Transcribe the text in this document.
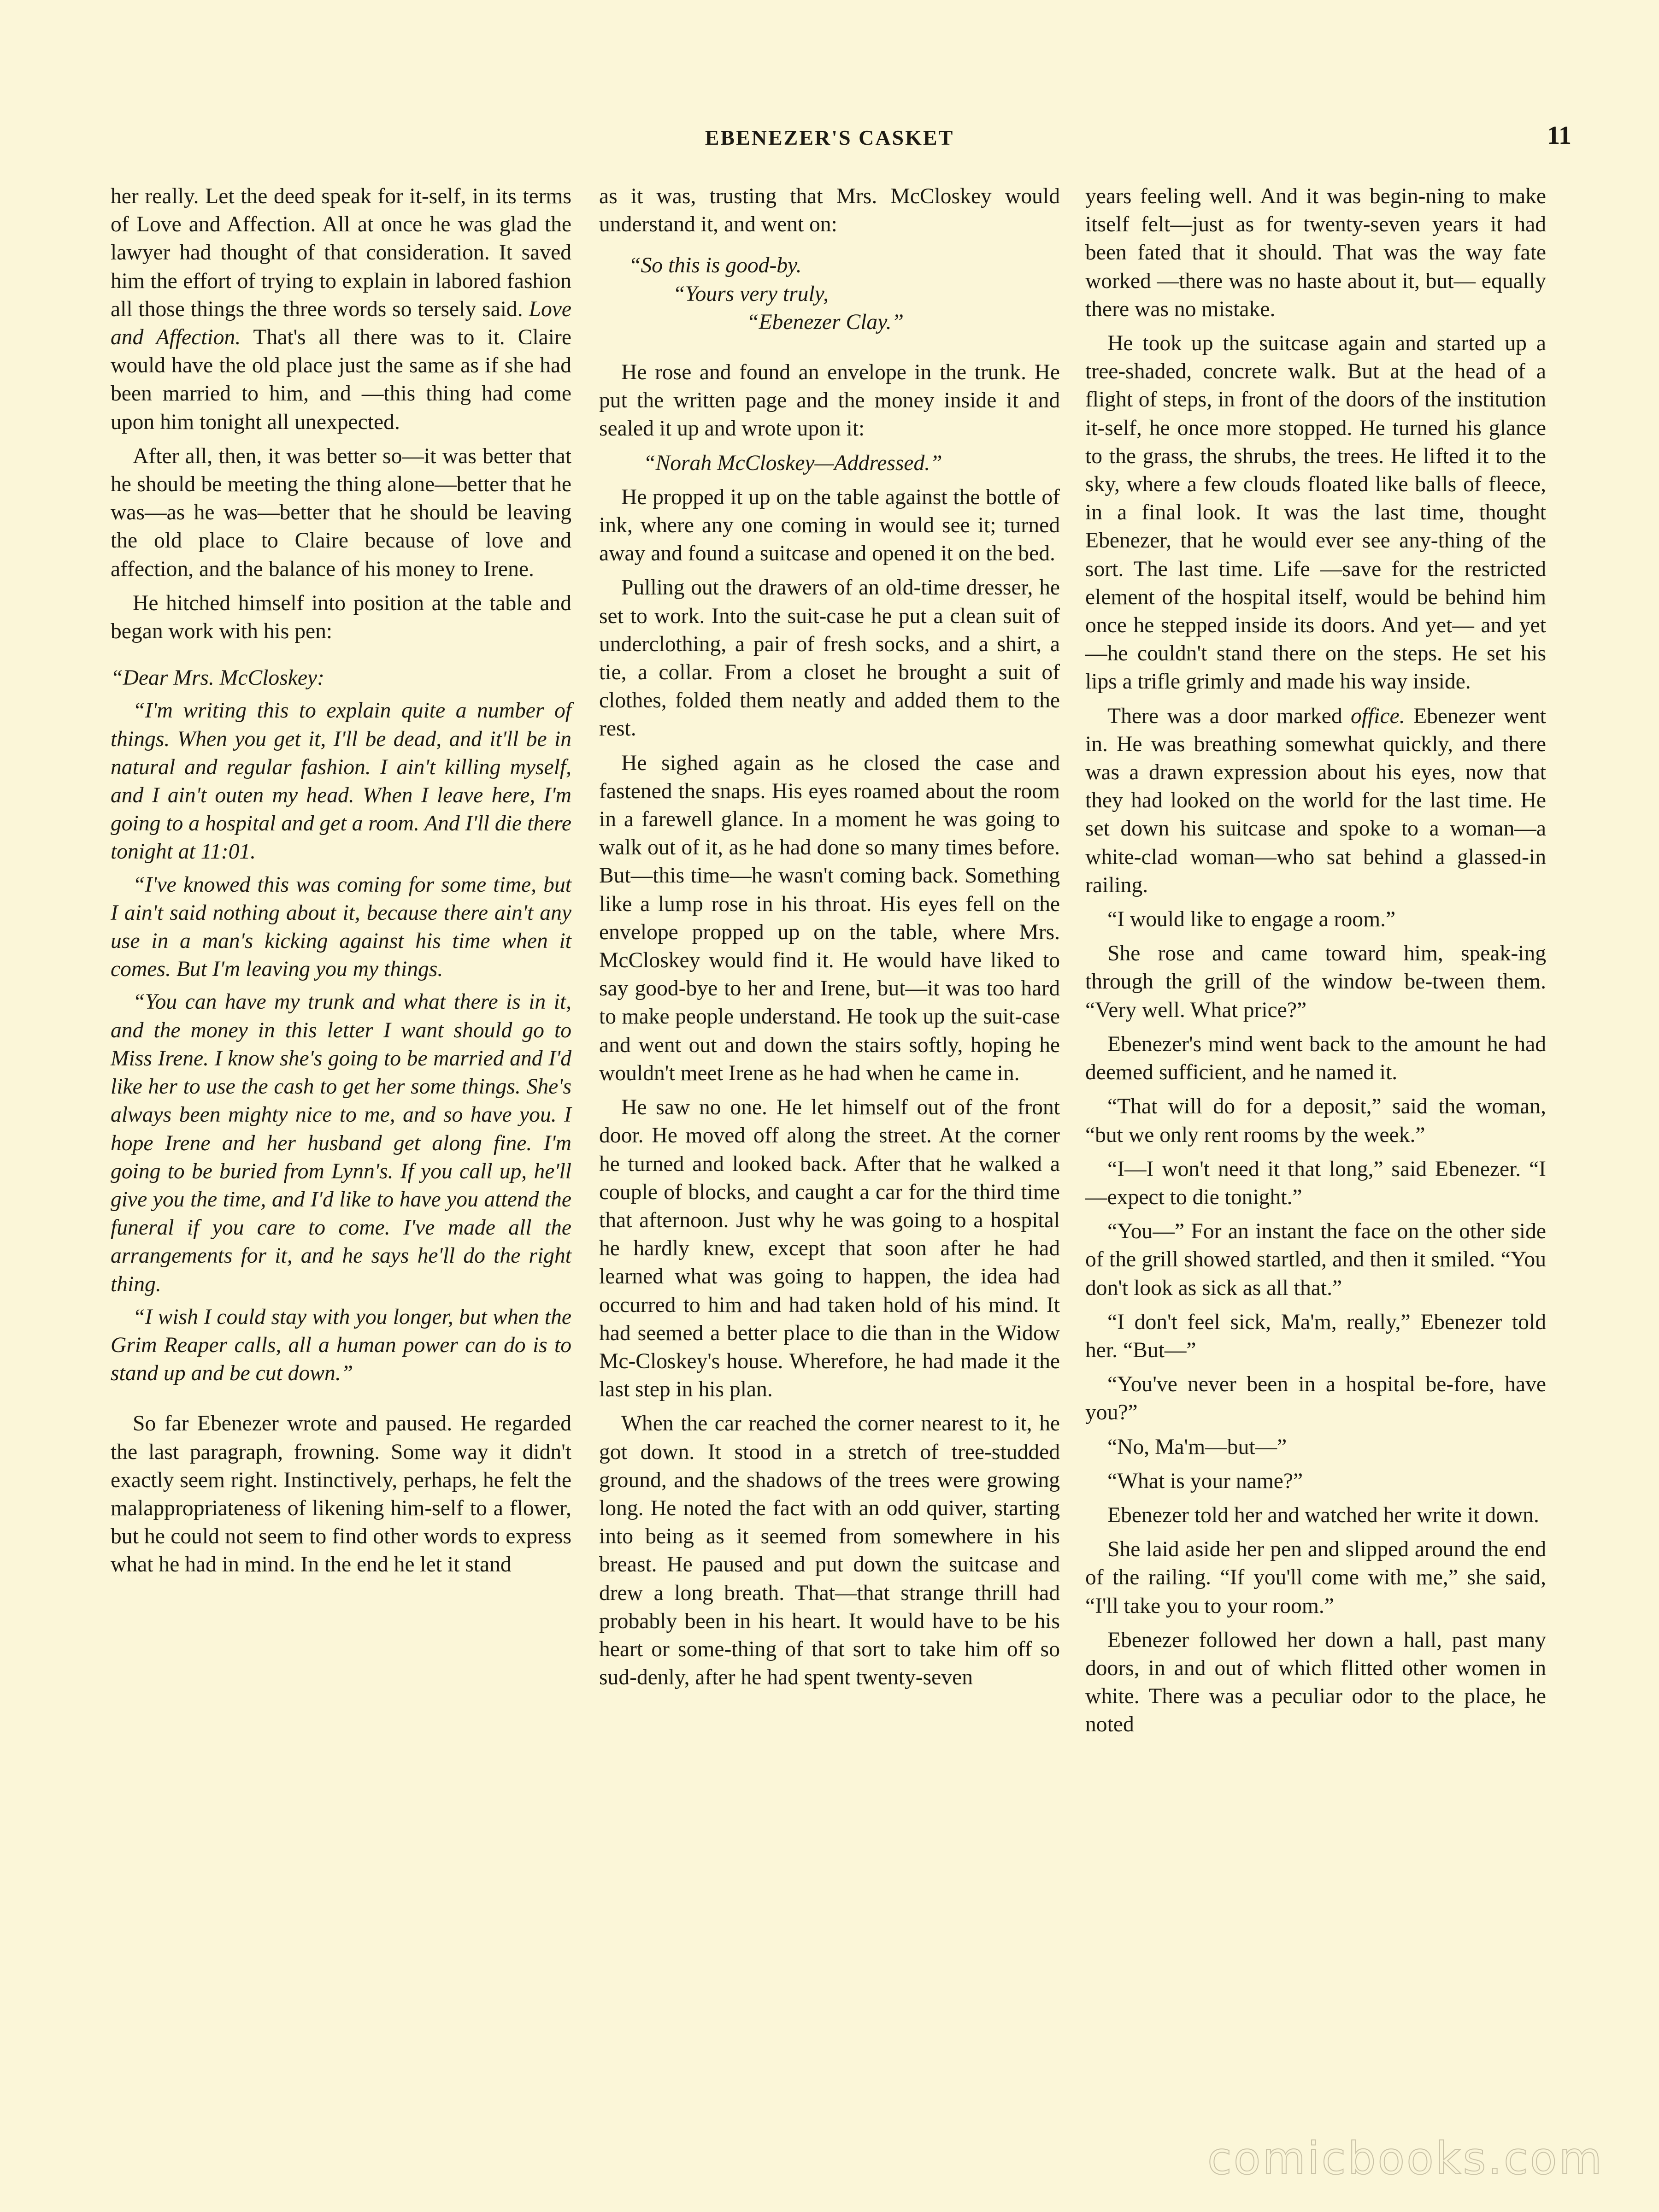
EBENEZER'S CASKET	11

her really. Let the deed speak for it-self, in its terms of Love and Affection. All at once he was glad the lawyer had thought of that consideration. It saved him the effort of trying to explain in labored fashion all those things the three words so tersely said. Love and Affection. That's all there was to it. Claire would have the old place just the same as if she had been married to him, and —this thing had come upon him tonight all unexpected.

After all, then, it was better so—it was better that he should be meeting the thing alone—better that he was—as he was—better that he should be leaving the old place to Claire because of love and affection, and the balance of his money to Irene.

He hitched himself into position at the table and began work with his pen:

“Dear Mrs. McCloskey:

“I'm writing this to explain quite a number of things. When you get it, I'll be dead, and it'll be in natural and regular fashion. I ain't killing myself, and I ain't outen my head. When I leave here, I'm going to a hospital and get a room. And I'll die there tonight at 11:01.

“I've knowed this was coming for some time, but I ain't said nothing about it, because there ain't any use in a man's kicking against his time when it comes. But I'm leaving you my things.

“You can have my trunk and what there is in it, and the money in this letter I want should go to Miss Irene. I know she's going to be married and I'd like her to use the cash to get her some things. She's always been mighty nice to me, and so have you. I hope Irene and her husband get along fine. I'm going to be buried from Lynn's. If you call up, he'll give you the time, and I'd like to have you attend the funeral if you care to come. I've made all the arrangements for it, and he says he'll do the right thing.

“I wish I could stay with you longer, but when the Grim Reaper calls, all a human power can do is to stand up and be cut down.”

So far Ebenezer wrote and paused. He regarded the last paragraph, frowning. Some way it didn't exactly seem right. Instinctively, perhaps, he felt the malappropriateness of likening him-self to a flower, but he could not seem to find other words to express what he had in mind. In the end he let it stand

as it was, trusting that Mrs. McCloskey would understand it, and went on:

“So this is good-by.

“Yours very truly,

“Ebenezer Clay.”

He rose and found an envelope in the trunk. He put the written page and the money inside it and sealed it up and wrote upon it:

“Norah McCloskey—Addressed.”

He propped it up on the table against the bottle of ink, where any one coming in would see it; turned away and found a suitcase and opened it on the bed.

Pulling out the drawers of an old-time dresser, he set to work. Into the suit-case he put a clean suit of underclothing, a pair of fresh socks, and a shirt, a tie, a collar. From a closet he brought a suit of clothes, folded them neatly and added them to the rest.

He sighed again as he closed the case and fastened the snaps. His eyes roamed about the room in a farewell glance. In a moment he was going to walk out of it, as he had done so many times before. But—this time—he wasn't coming back. Something like a lump rose in his throat. His eyes fell on the envelope propped up on the table, where Mrs. McCloskey would find it. He would have liked to say good-bye to her and Irene, but—it was too hard to make people understand. He took up the suit-case and went out and down the stairs softly, hoping he wouldn't meet Irene as he had when he came in.

He saw no one. He let himself out of the front door. He moved off along the street. At the corner he turned and looked back. After that he walked a couple of blocks, and caught a car for the third time that afternoon. Just why he was going to a hospital he hardly knew, except that soon after he had learned what was going to happen, the idea had occurred to him and had taken hold of his mind. It had seemed a better place to die than in the Widow Mc-Closkey's house. Wherefore, he had made it the last step in his plan.

When the car reached the corner nearest to it, he got down. It stood in a stretch of tree-studded ground, and the shadows of the trees were growing long. He noted the fact with an odd quiver, starting into being as it seemed from somewhere in his breast. He paused and put down the suitcase and drew a long breath. That—that strange thrill had probably been in his heart. It would have to be his heart or some-thing of that sort to take him off so sud-denly, after he had spent twenty-seven

years feeling well. And it was begin-ning to make itself felt—just as for twenty-seven years it had been fated that it should. That was the way fate worked —there was no haste about it, but— equally there was no mistake.

He took up the suitcase again and started up a tree-shaded, concrete walk. But at the head of a flight of steps, in front of the doors of the institution it-self, he once more stopped. He turned his glance to the grass, the shrubs, the trees. He lifted it to the sky, where a few clouds floated like balls of fleece, in a final look. It was the last time, thought Ebenezer, that he would ever see any-thing of the sort. The last time. Life —save for the restricted element of the hospital itself, would be behind him once he stepped inside its doors. And yet— and yet—he couldn't stand there on the steps. He set his lips a trifle grimly and made his way inside.

There was a door marked office. Ebenezer went in. He was breathing somewhat quickly, and there was a drawn expression about his eyes, now that they had looked on the world for the last time. He set down his suitcase and spoke to a woman—a white-clad woman—who sat behind a glassed-in railing.

“I would like to engage a room.”

She rose and came toward him, speak-ing through the grill of the window be-tween them. “Very well. What price?”

Ebenezer's mind went back to the amount he had deemed sufficient, and he named it.

“That will do for a deposit,” said the woman, “but we only rent rooms by the week.”

“I—I won't need it that long,” said Ebenezer. “I—expect to die tonight.”

“You—” For an instant the face on the other side of the grill showed startled, and then it smiled. “You don't look as sick as all that.”

“I don't feel sick, Ma'm, really,” Ebenezer told her. “But—”

“You've never been in a hospital be-fore, have you?”

“No, Ma'm—but—”

“What is your name?”

Ebenezer told her and watched her write it down.

She laid aside her pen and slipped around the end of the railing. “If you'll come with me,” she said, “I'll take you to your room.”

Ebenezer followed her down a hall, past many doors, in and out of which flitted other women in white. There was a peculiar odor to the place, he noted

comicbooks.com
